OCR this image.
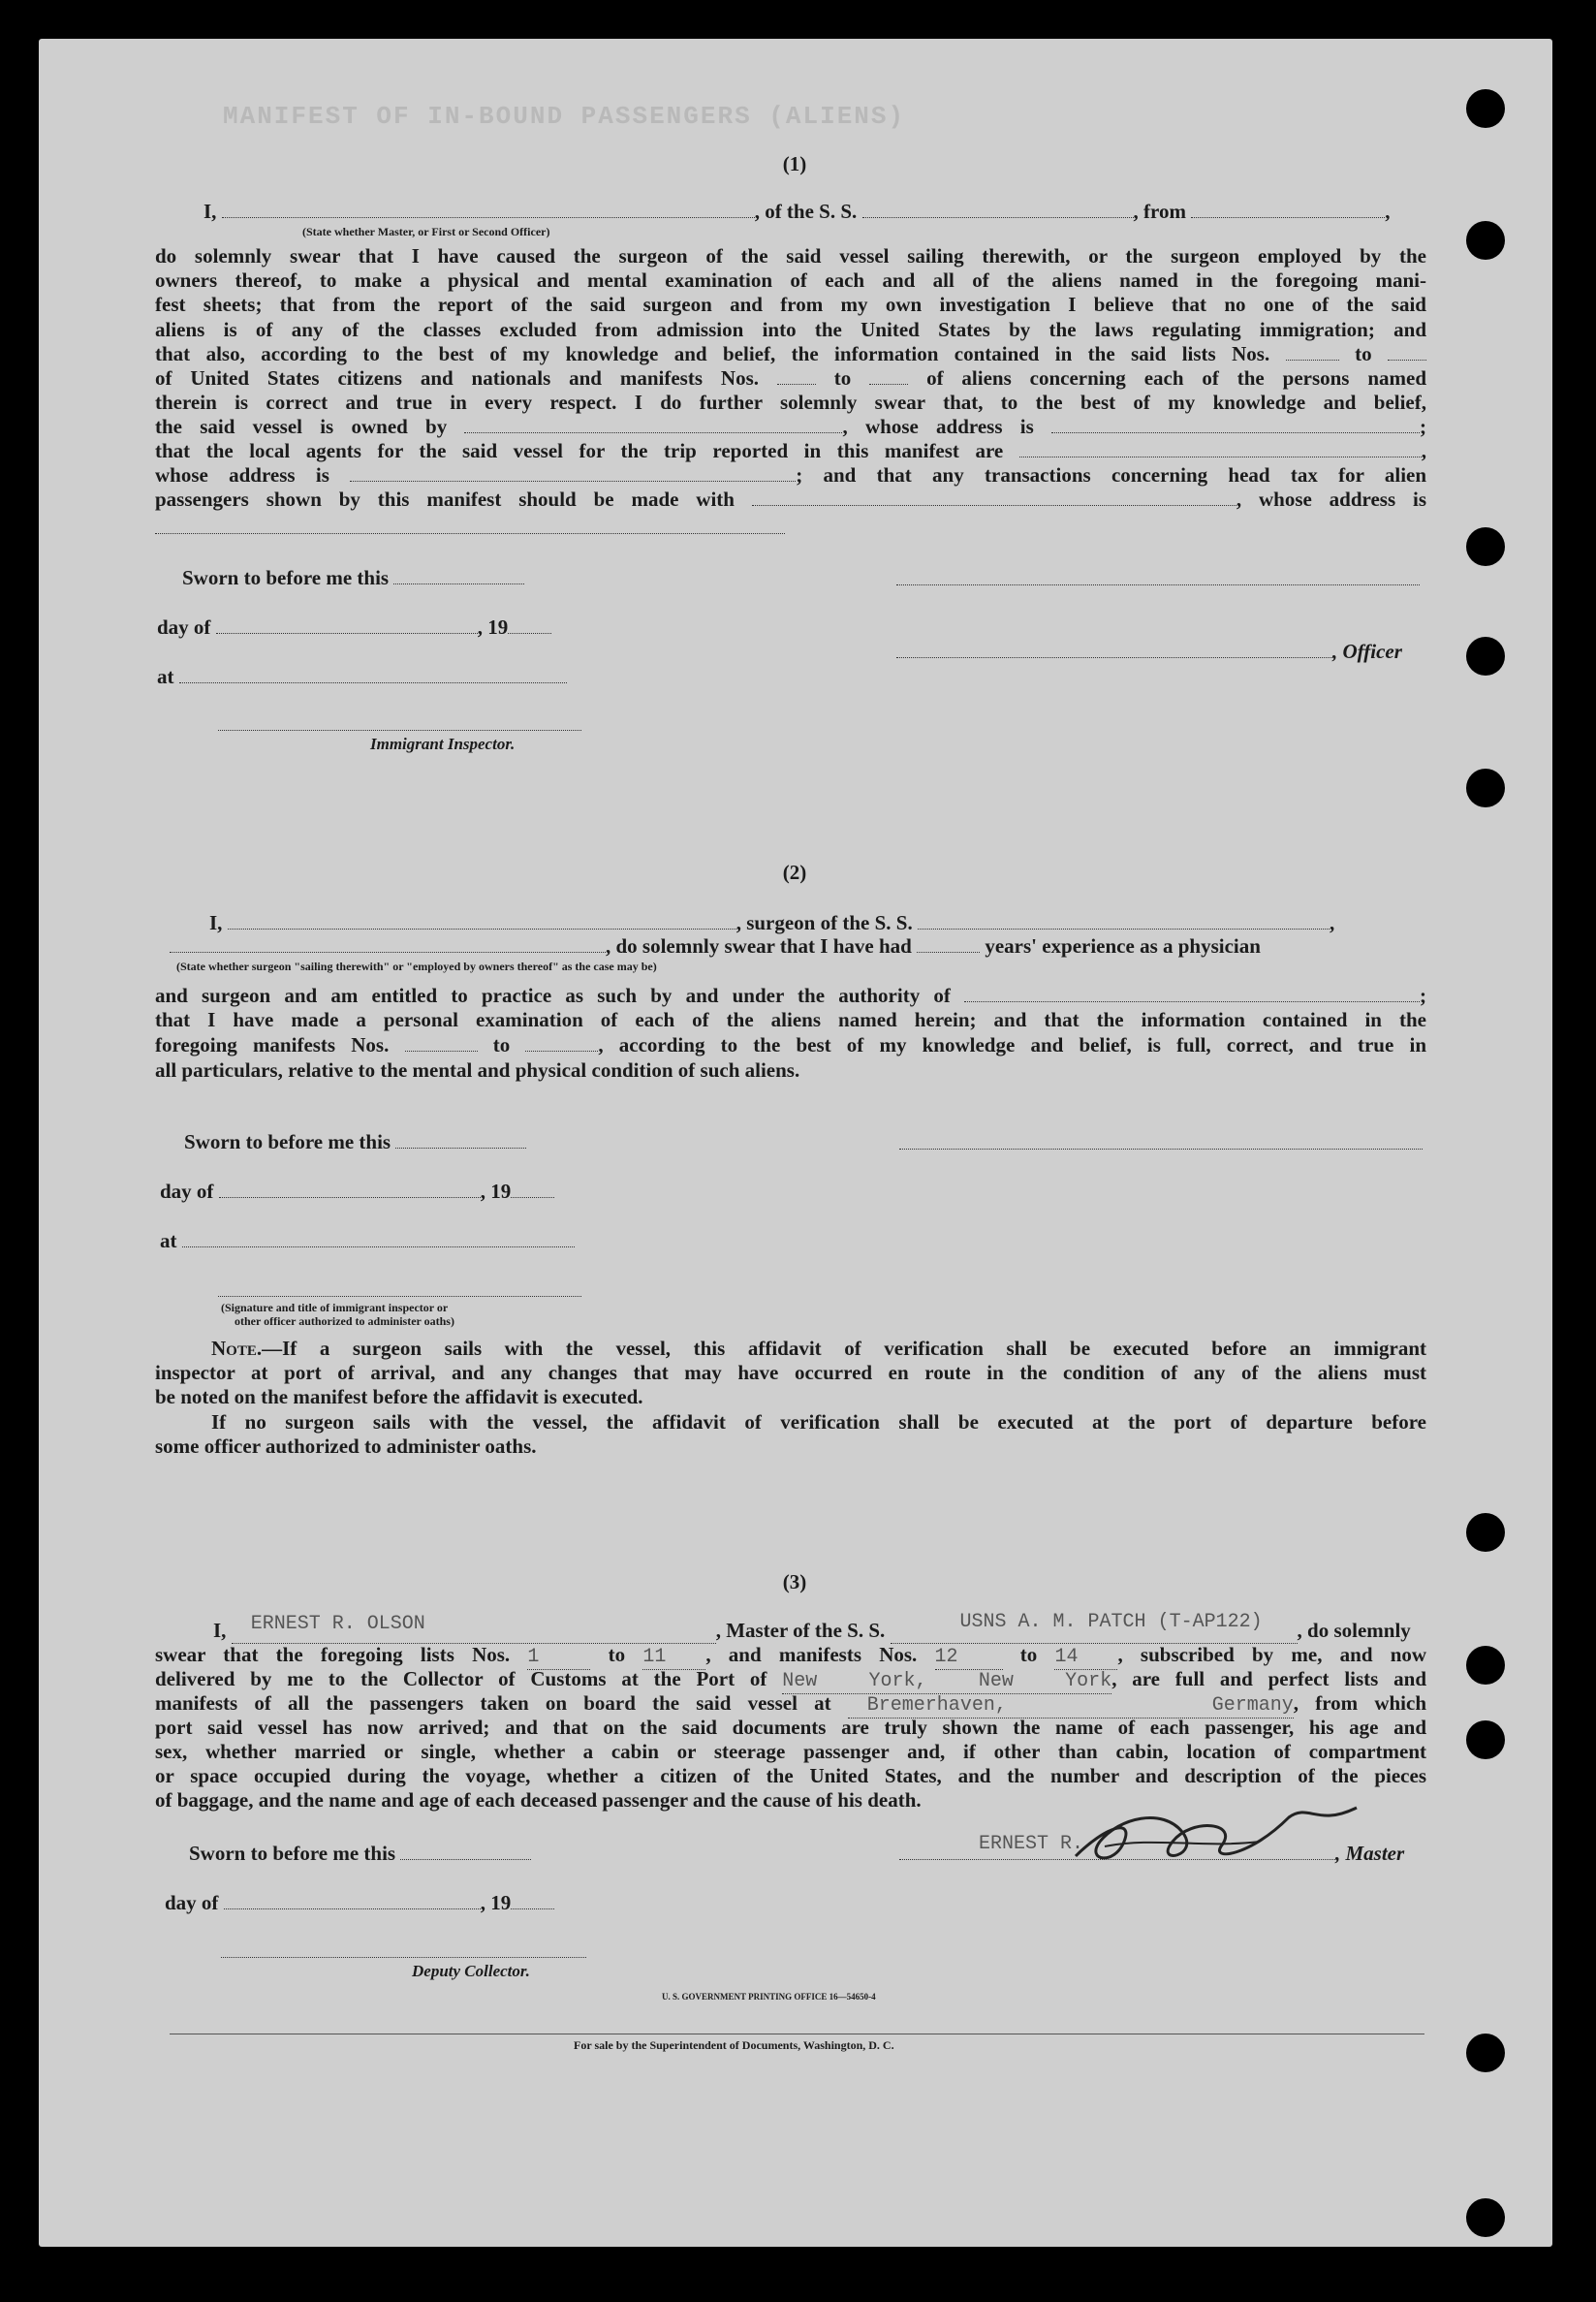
MANIFEST OF IN-BOUND PASSENGERS (ALIENS)
(1)
I,	, of the S. S.	, from	,
(State whether Master, or First or Second Officer)
do solemnly swear that I have caused the surgeon of the said vessel sailing therewith, or the surgeon employed by the
owners thereof, to make a physical and mental examination of each and all of the aliens named in the foregoing mani-
fest sheets; that from the report of the said surgeon and from my own investigation I believe that no one of the said
aliens is of any of the classes excluded from admission into the United States by the laws regulating immigration; and
that also, according to the best of my knowledge and belief, the information contained in the said lists Nos.	to
of United States citizens and nationals and manifests Nos.	to	of aliens concerning each of the persons named
therein is correct and true in every respect. I do further solemnly swear that, to the best of my knowledge and belief,
the said vessel is owned by	, whose address is	;
that the local agents for the said vessel for the trip reported in this manifest are	,
whose address is	; and that any transactions concerning head tax for alien
passengers shown by this manifest should be made with	, whose address is
Sworn to before me this
day of	, 19
at
, Officer
Immigrant Inspector.
(2)
I,	, surgeon of the S. S.	,
, do solemnly swear that I have had	years' experience as a physician
(State whether surgeon "sailing therewith" or "employed by owners thereof" as the case may be)
and surgeon and am entitled to practice as such by and under the authority of	;
that I have made a personal examination of each of the aliens named herein; and that the information contained in the
foregoing manifests Nos.	to	, according to the best of my knowledge and belief, is full, correct, and true in
all particulars, relative to the mental and physical condition of such aliens.
Sworn to before me this
day of	, 19
at
(Signature and title of immigrant inspector or
other officer authorized to administer oaths)
Note.—If a surgeon sails with the vessel, this affidavit of verification shall be executed before an immigrant
inspector at port of arrival, and any changes that may have occurred en route in the condition of any of the aliens must
be noted on the manifest before the affidavit is executed.
If no surgeon sails with the vessel, the affidavit of verification shall be executed at the port of departure before
some officer authorized to administer oaths.
(3)
I, ERNEST R. OLSON	, Master of the S. S.	USNS A. M. PATCH (T-AP122) , do solemnly
swear that the foregoing lists Nos. 1	to 11 , and manifests Nos. 12	to 14 , subscribed by me, and now
delivered by me to the Collector of Customs at the Port of New York, New York, are full and perfect lists and
manifests of all the passengers taken on board the said vessel at Bremerhaven, Germany, from which
port said vessel has now arrived; and that on the said documents are truly shown the name of each passenger, his age and
sex, whether married or single, whether a cabin or steerage passenger and, if other than cabin, location of compartment
or space occupied during the voyage, whether a citizen of the United States, and the number and description of the pieces
of baggage, and the name and age of each deceased passenger and the cause of his death.
Sworn to before me this
day of	, 19
, Master
ERNEST R.
Deputy Collector.
U. S. GOVERNMENT PRINTING OFFICE 16—54650-4
For sale by the Superintendent of Documents, Washington, D. C.
